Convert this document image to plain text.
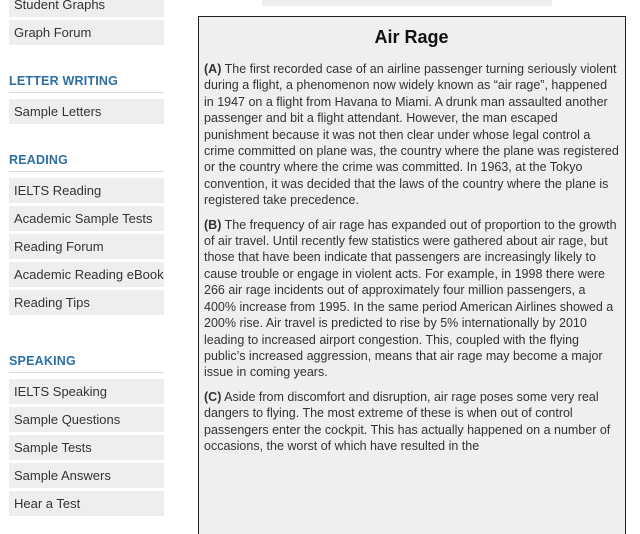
Student Graphs
Graph Forum
LETTER WRITING
Sample Letters
READING
IELTS Reading
Academic Sample Tests
Reading Forum
Academic Reading eBook
Reading Tips
SPEAKING
IELTS Speaking
Sample Questions
Sample Tests
Sample Answers
Hear a Test
Air Rage

(A) The first recorded case of an airline passenger turning seriously violent during a flight, a phenomenon now widely known as “air rage”, happened in 1947 on a flight from Havana to Miami. A drunk man assaulted another passenger and bit a flight attendant. However, the man escaped punishment because it was not then clear under whose legal control a crime committed on plane was, the country where the plane was registered or the country where the crime was committed. In 1963, at the Tokyo convention, it was decided that the laws of the country where the plane is registered take precedence.

(B) The frequency of air rage has expanded out of proportion to the growth of air travel. Until recently few statistics were gathered about air rage, but those that have been indicate that passengers are increasingly likely to cause trouble or engage in violent acts. For example, in 1998 there were 266 air rage incidents out of approximately four million passengers, a 400% increase from 1995. In the same period American Airlines showed a 200% rise. Air travel is predicted to rise by 5% internationally by 2010 leading to increased airport congestion. This, coupled with the flying public’s increased aggression, means that air rage may become a major issue in coming years.

(C) Aside from discomfort and disruption, air rage poses some very real dangers to flying. The most extreme of these is when out of control passengers enter the cockpit. This has actually happened on a number of occasions, the worst of which have resulted in the
